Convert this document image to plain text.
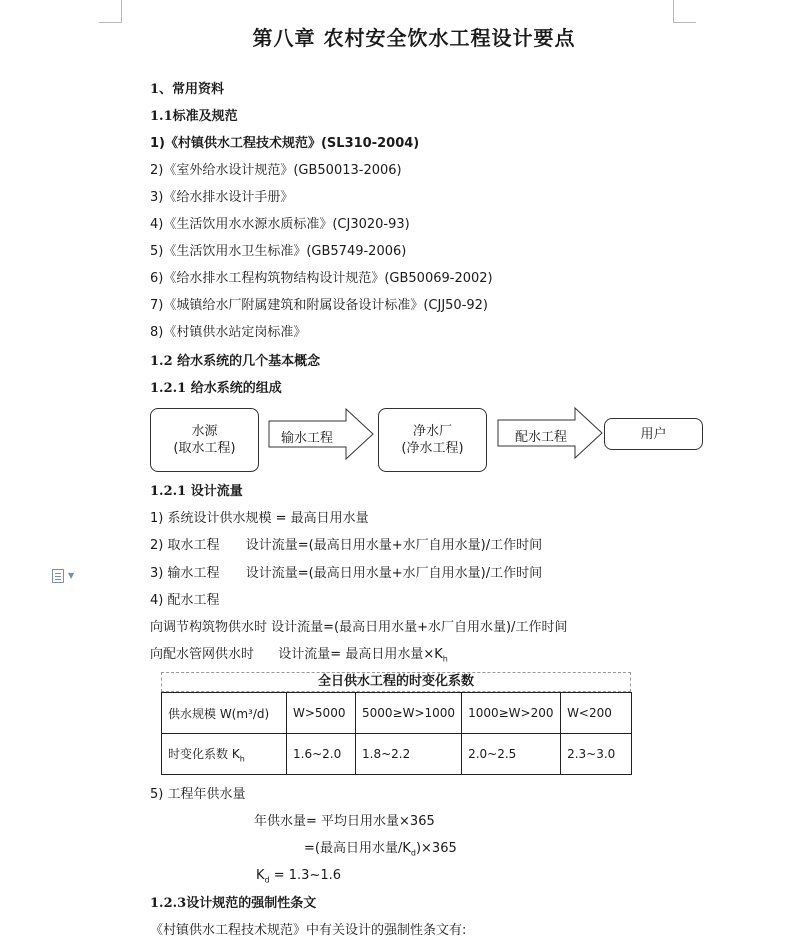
第八章 农村安全饮水工程设计要点
1、常用资料
1.1标准及规范
1)《村镇供水工程技术规范》(SL310-2004)
2)《室外给水设计规范》(GB50013-2006)
3)《给水排水设计手册》
4)《生活饮用水水源水质标准》(CJ3020-93)
5)《生活饮用水卫生标准》(GB5749-2006)
6)《给水排水工程构筑物结构设计规范》(GB50069-2002)
7)《城镇给水厂附属建筑和附属设备设计标准》(CJJ50-92)
8)《村镇供水站定岗标准》
1.2 给水系统的几个基本概念
1.2.1 给水系统的组成
水源
(取水工程)
输水工程	净水厂
(净水工程)
配水工程	用户
1.2.1 设计流量
1) 系统设计供水规模 = 最高日用水量
2) 取水工程 设计流量=(最高日用水量+水厂自用水量)/工作时间
3) 输水工程 设计流量=(最高日用水量+水厂自用水量)/工作时间
4) 配水工程
向调节构筑物供水时 设计流量=(最高日用水量+水厂自用水量)/工作时间
向配水管网供水时 设计流量= 最高日用水量$\times K_h$
▼
全日供水工程的时变化系数
供水规模 W(m³/d)	W>5000	5000≥W>1000	1000≥W>200	W<200
时变化系数 $K_h$	1.6~2.0	1.8~2.2	2.0~2.5	2.3~3.0
5) 工程年供水量
年供水量= 平均日用水量×365
=(最高日用水量$/K_d)\times 365$
$K_d$ = 1.3~1.6
1.2.3设计规范的强制性条文
《村镇供水工程技术规范》中有关设计的强制性条文有:
